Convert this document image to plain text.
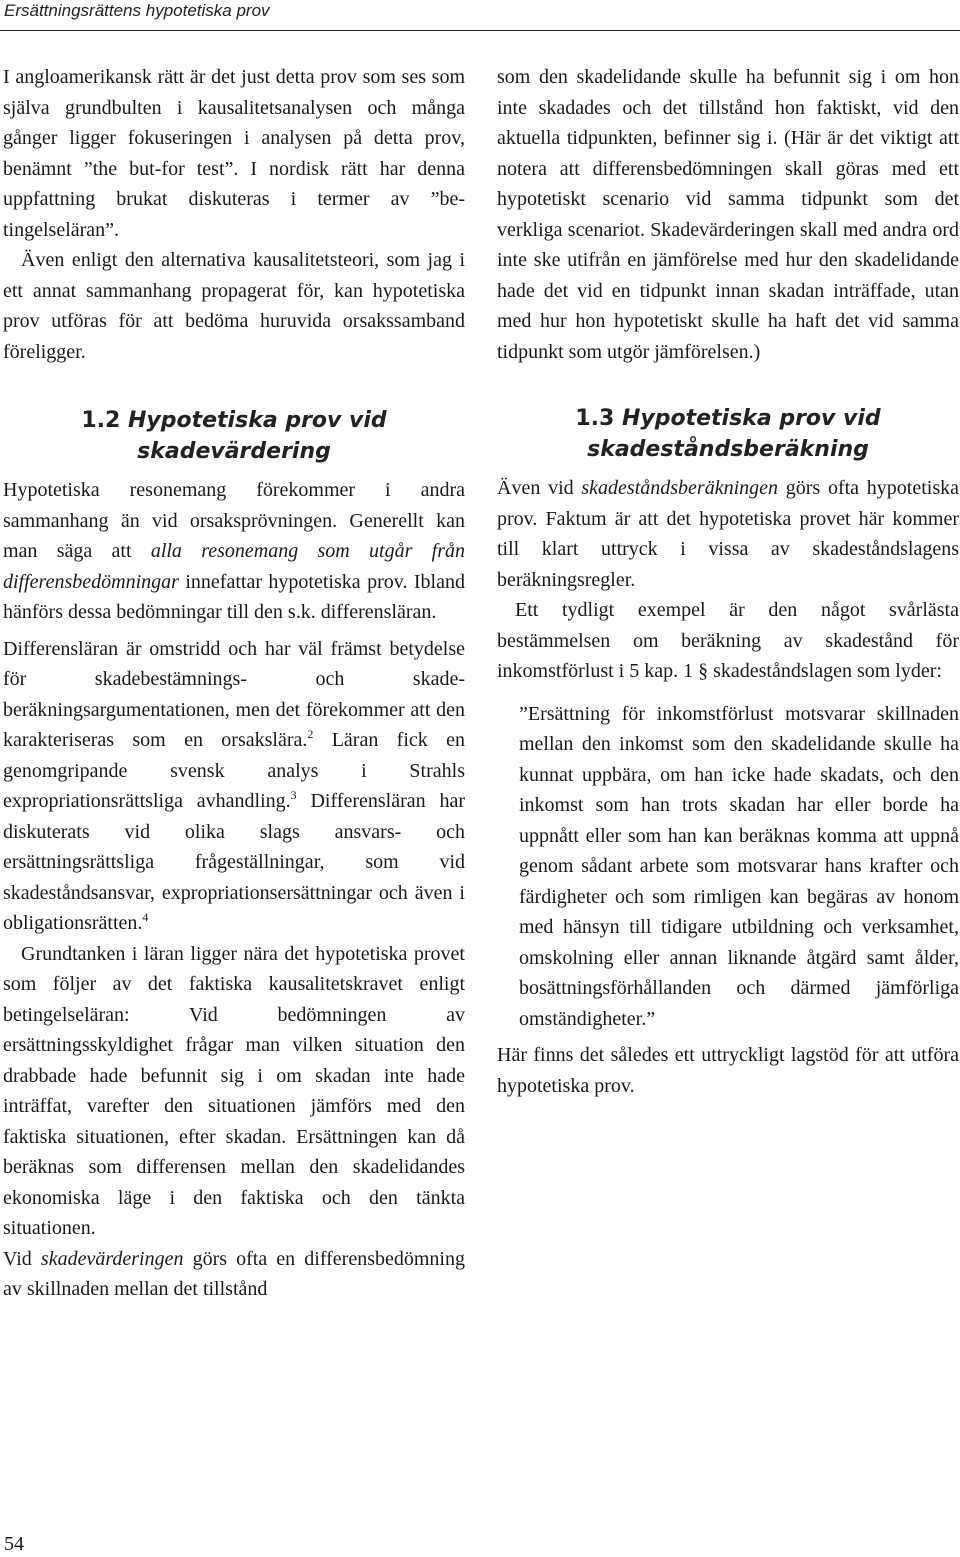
Ersättningsrättens hypotetiska prov

I angloamerikansk rätt är det just detta prov som ses som själva grundbulten i kausalitetsanalysen och många gånger ligger fokuseringen i analysen på detta prov, benämnt ”the but-for test”. I nordisk rätt har denna uppfattning brukat diskuteras i termer av ”betingelseläran”.

Även enligt den alternativa kausalitetsteori, som jag i ett annat sammanhang propagerat för, kan hypotetiska prov utföras för att bedöma huruvida orsakssamband föreligger.

1.2 Hypotetiska prov vid skadevärdering

Hypotetiska resonemang förekommer i andra sammanhang än vid orsaksprövningen. Generellt kan man säga att alla resonemang som utgår från differensbedömningar innefattar hypotetiska prov. Ibland hänförs dessa bedömningar till den s.k. differensläran.

Differensläran är omstridd och har väl främst betydelse för skadebestämnings- och skadeberäkningsargumentationen, men det förekommer att den karakteriseras som en orsakslära.$^2$ Läran fick en genomgripande svensk analys i Strahls expropriationsrättsliga avhandling.$^3$ Differensläran har diskuterats vid olika slags ansvars- och ersättningsrättsliga frågeställningar, som vid skadeståndsansvar, expropriationsersättningar och även i obligationsrätten.$^4$

Grundtanken i läran ligger nära det hypotetiska provet som följer av det faktiska kausalitetskravet enligt betingelseläran: Vid bedömningen av ersättningsskyldighet frågar man vilken situation den drabbade hade befunnit sig i om skadan inte hade inträffat, varefter den situationen jämförs med den faktiska situationen, efter skadan. Ersättningen kan då beräknas som differensen mellan den skadelidandes ekonomiska läge i den faktiska och den tänkta situationen.

Vid skadevärderingen görs ofta en differensbedömning av skillnaden mellan det tillstånd

som den skadelidande skulle ha befunnit sig i om hon inte skadades och det tillstånd hon faktiskt, vid den aktuella tidpunkten, befinner sig i. (Här är det viktigt att notera att differensbedömningen skall göras med ett hypotetiskt scenario vid samma tidpunkt som det verkliga scenariot. Skadevärderingen skall med andra ord inte ske utifrån en jämförelse med hur den skadelidande hade det vid en tidpunkt innan skadan inträffade, utan med hur hon hypotetiskt skulle ha haft det vid samma tidpunkt som utgör jämförelsen.)

1.3 Hypotetiska prov vid skadeståndsberäkning

Även vid skadeståndsberäkningen görs ofta hypotetiska prov. Faktum är att det hypotetiska provet här kommer till klart uttryck i vissa av skadeståndslagens beräkningsregler.

Ett tydligt exempel är den något svårlästa bestämmelsen om beräkning av skadestånd för inkomstförlust i 5 kap. 1 § skadeståndslagen som lyder:

”Ersättning för inkomstförlust motsvarar skillnaden mellan den inkomst som den skadelidande skulle ha kunnat uppbära, om han icke hade skadats, och den inkomst som han trots skadan har eller borde ha uppnått eller som han kan beräknas komma att uppnå genom sådant arbete som motsvarar hans krafter och färdigheter och som rimligen kan begäras av honom med hänsyn till tidigare utbildning och verksamhet, omskolning eller annan liknande åtgärd samt ålder, bosättningsförhållanden och därmed jämförliga omständigheter.”

Här finns det således ett uttryckligt lagstöd för att utföra hypotetiska prov.

54
